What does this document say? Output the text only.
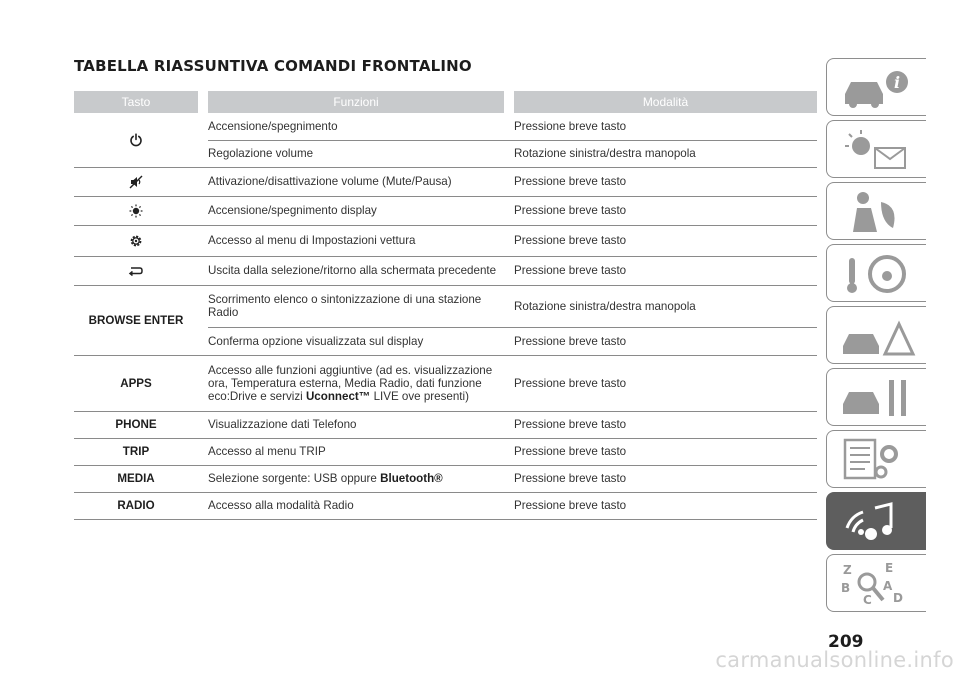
TABELLA RIASSUNTIVA COMANDI FRONTALINO
Tasto		Funzioni		Modalità
		Accensione/spegnimento		Pressione breve tasto
		Regolazione volume		Rotazione sinistra/destra manopola
		Attivazione/disattivazione volume (Mute/Pausa)		Pressione breve tasto
		Accensione/spegnimento display		Pressione breve tasto
		Accesso al menu di Impostazioni vettura		Pressione breve tasto
		Uscita dalla selezione/ritorno alla schermata precedente		Pressione breve tasto
BROWSE ENTER		Scorrimento elenco o sintonizzazione di una stazione Radio		Rotazione sinistra/destra manopola
		Conferma opzione visualizzata sul display		Pressione breve tasto
APPS		Accesso alle funzioni aggiuntive (ad es. visualizzazione ora, Temperatura esterna, Media Radio, dati funzione eco:Drive e servizi Uconnect™ LIVE ove presenti)		Pressione breve tasto
PHONE		Visualizzazione dati Telefono		Pressione breve tasto
TRIP		Accesso al menu TRIP		Pressione breve tasto
MEDIA		Selezione sorgente: USB oppure Bluetooth®		Pressione breve tasto
RADIO		Accesso alla modalità Radio		Pressione breve tasto
i
Z	E
B	A
C D
209
carmanualsonline.info
